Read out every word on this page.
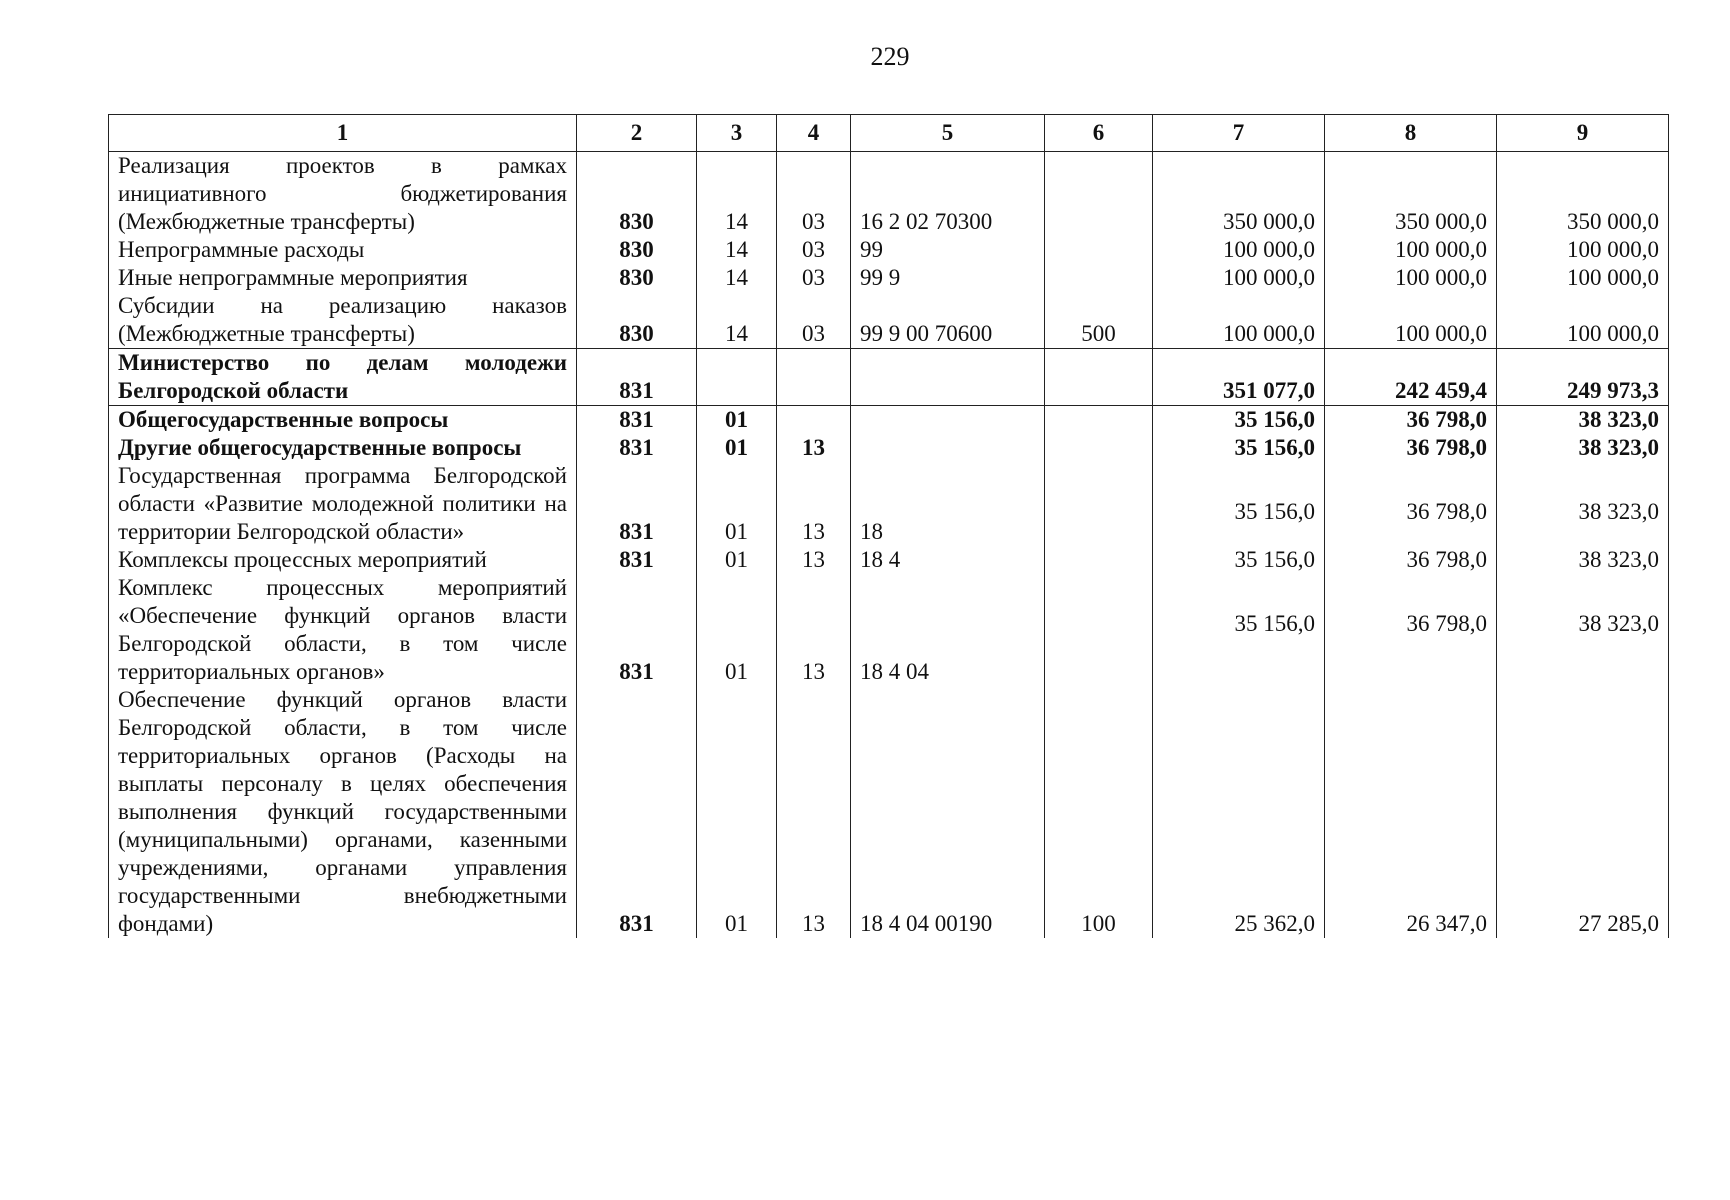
229
1	2	3	4	5	6	7	8	9
Реализация проектов в рамках инициативного бюджетирования (Межбюджетные трансферты)	830	14	03	16 2 02 70300		350 000,0	350 000,0	350 000,0
Непрограммные расходы	830	14	03	99		100 000,0	100 000,0	100 000,0
Иные непрограммные мероприятия	830	14	03	99 9		100 000,0	100 000,0	100 000,0
Субсидии на реализацию наказов (Межбюджетные трансферты)	830	14	03	99 9 00 70600	500	100 000,0	100 000,0	100 000,0
Министерство по делам молодежи Белгородской области	831					351 077,0	242 459,4	249 973,3
Общегосударственные вопросы	831	01				35 156,0	36 798,0	38 323,0
Другие общегосударственные вопросы	831	01	13			35 156,0	36 798,0	38 323,0
Государственная программа Белгородской области «Развитие молодежной политики на территории Белгородской области»	831	01	13	18		35 156,0	36 798,0	38 323,0
Комплексы процессных мероприятий	831	01	13	18 4		35 156,0	36 798,0	38 323,0
Комплекс процессных мероприятий «Обеспечение функций органов власти Белгородской области, в том числе территориальных органов»	831	01	13	18 4 04		35 156,0	36 798,0	38 323,0
Обеспечение функций органов власти Белгородской области, в том числе территориальных органов (Расходы на выплаты персоналу в целях обеспечения выполнения функций государственными (муниципальными) органами, казенными учреждениями, органами управления государственными внебюджетными фондами)	831	01	13	18 4 04 00190	100	25 362,0	26 347,0	27 285,0
